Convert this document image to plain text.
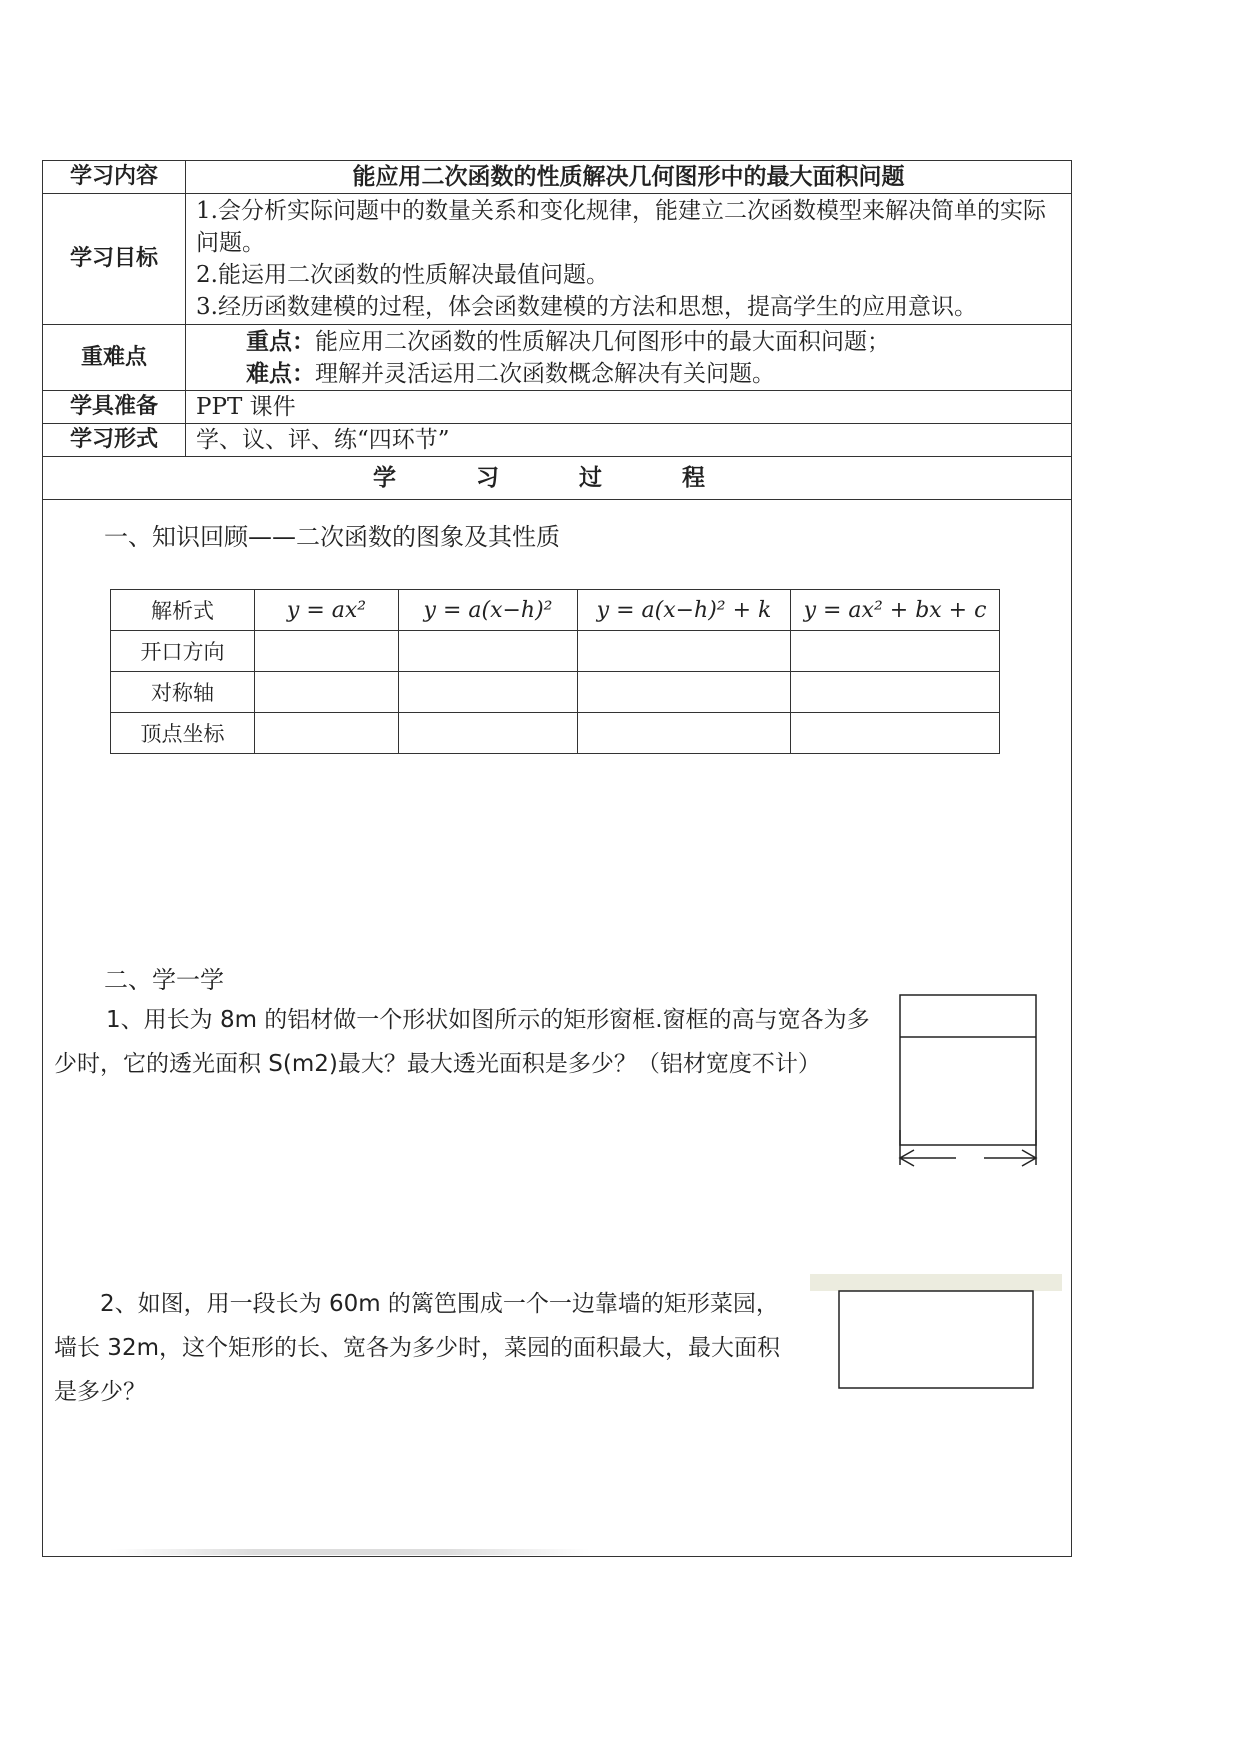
学习内容	能应用二次函数的性质解决几何图形中的最大面积问题
学习目标	1.会分析实际问题中的数量关系和变化规律，能建立二次函数模型来解决简单的实际问题。
2.能运用二次函数的性质解决最值问题。
3.经历函数建模的过程，体会函数建模的方法和思想，提高学生的应用意识。

重难点	重点：能应用二次函数的性质解决几何图形中的最大面积问题；
难点：理解并灵活运用二次函数概念解决有关问题。

学具准备	PPT 课件
学习形式	学、议、评、练“四环节”
学 习 过 程	
一、知识回顾——二次函数的图象及其性质
解析式	y = ax²	y = a(x−h)²	y = a(x−h)² + k	y = ax² + bx + c
开口方向				
对称轴				
顶点坐标				
二、学一学
1、用长为 8m 的铝材做一个形状如图所示的矩形窗框.窗框的高与宽各为多少时，它的透光面积 S(m2)最大？最大透光面积是多少？（铝材宽度不计）
2、如图，用一段长为 60m 的篱笆围成一个一边靠墙的矩形菜园，墙长 32m，这个矩形的长、宽各为多少时，菜园的面积最大，最大面积是多少？
